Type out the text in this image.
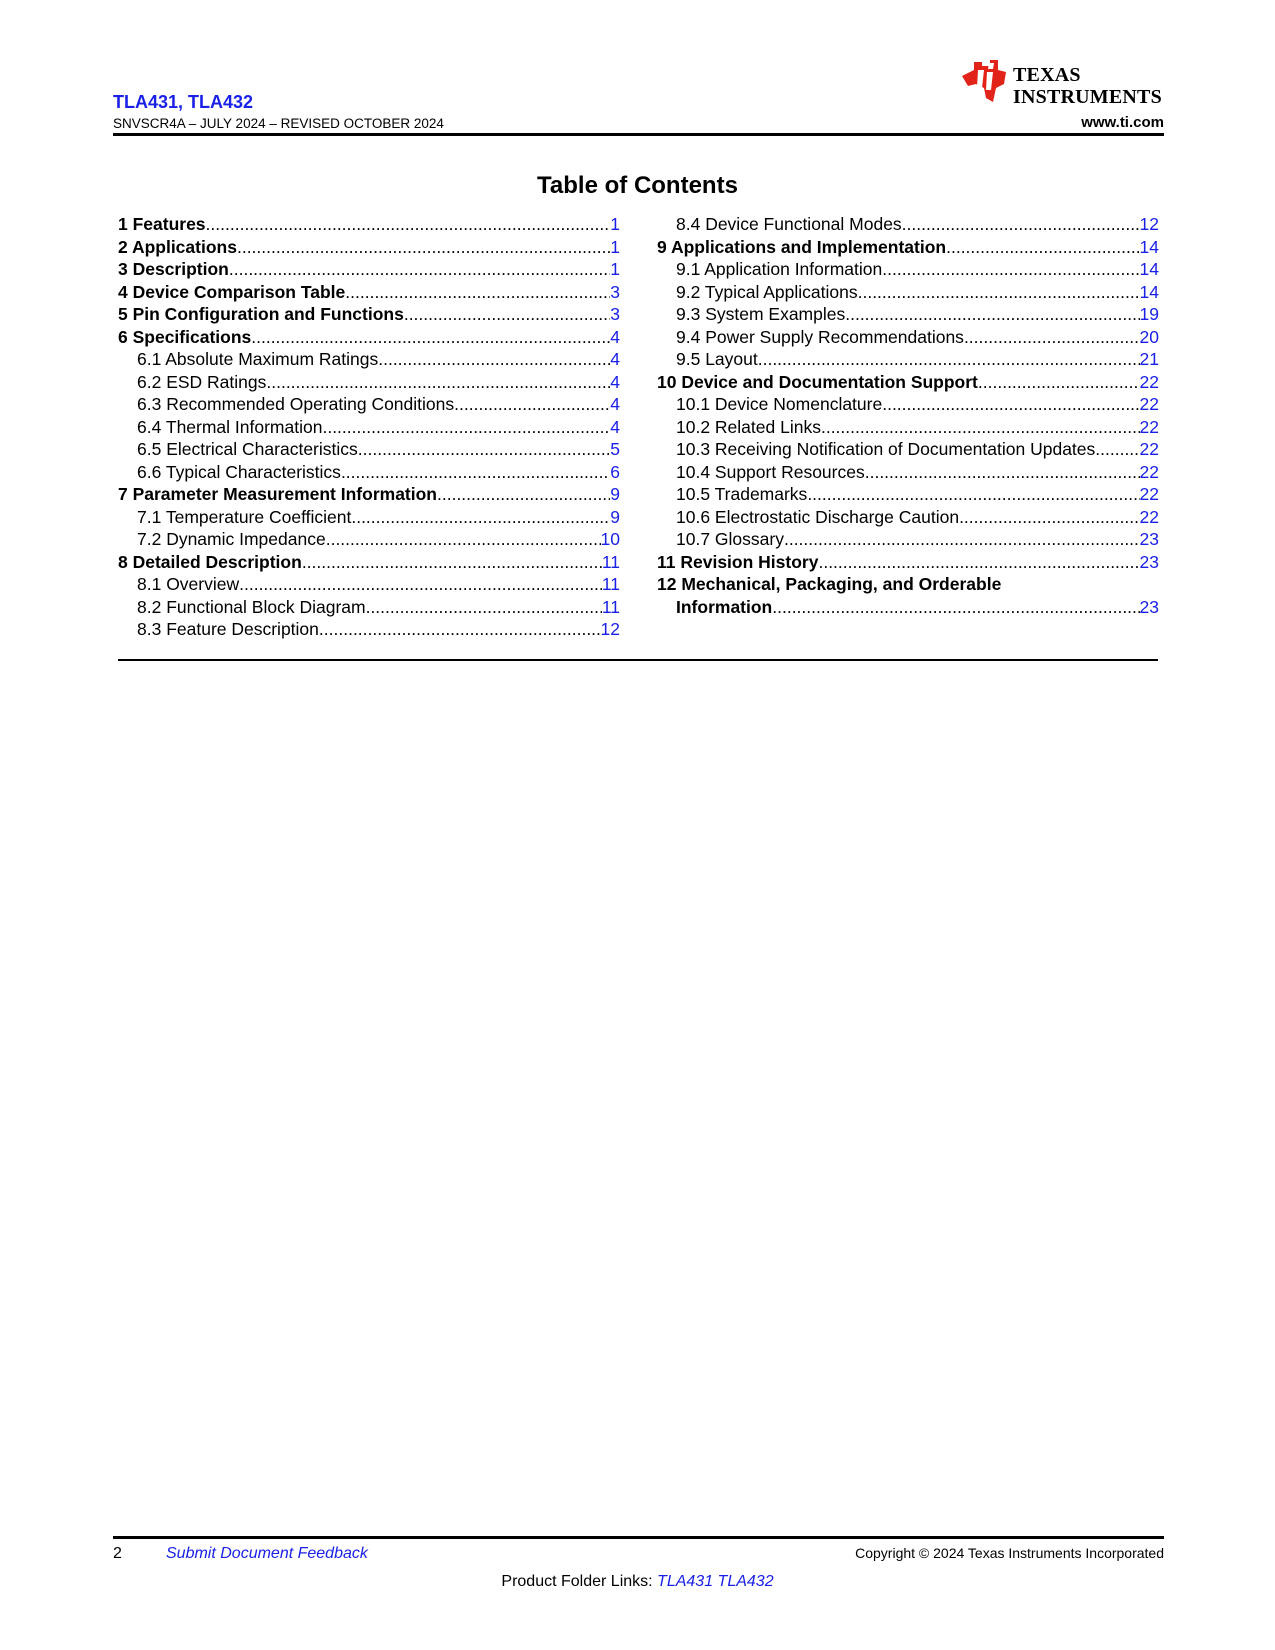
TLA431, TLA432
SNVSCR4A – JULY 2024 – REVISED OCTOBER 2024
TEXAS
INSTRUMENTS
www.ti.com
Table of Contents
1 Features .....	1
2 Applications .....	1
3 Description .....	1
4 Device Comparison Table .....	3
5 Pin Configuration and Functions .....	3
6 Specifications .....	4
6.1 Absolute Maximum Ratings .....	4
6.2 ESD Ratings .....	4
6.3 Recommended Operating Conditions .....	4
6.4 Thermal Information .....	4
6.5 Electrical Characteristics .....	5
6.6 Typical Characteristics .....	6
7 Parameter Measurement Information .....	9
7.1 Temperature Coefficient .....	9
7.2 Dynamic Impedance .....	10
8 Detailed Description .....	11
8.1 Overview .....	11
8.2 Functional Block Diagram .....	11
8.3 Feature Description .....	12
8.4 Device Functional Modes .....	12
9 Applications and Implementation .....	14
9.1 Application Information .....	14
9.2 Typical Applications .....	14
9.3 System Examples .....	19
9.4 Power Supply Recommendations .....	20
9.5 Layout .....	21
10 Device and Documentation Support .....	22
10.1 Device Nomenclature .....	22
10.2 Related Links .....	22
10.3 Receiving Notification of Documentation Updates .....	22
10.4 Support Resources .....	22
10.5 Trademarks .....	22
10.6 Electrostatic Discharge Caution .....	22
10.7 Glossary .....	23
11 Revision History .....	23
12 Mechanical, Packaging, and Orderable
Information .....	23
2	Submit Document Feedback	Copyright © 2024 Texas Instruments Incorporated
Product Folder Links: TLA431 TLA432
